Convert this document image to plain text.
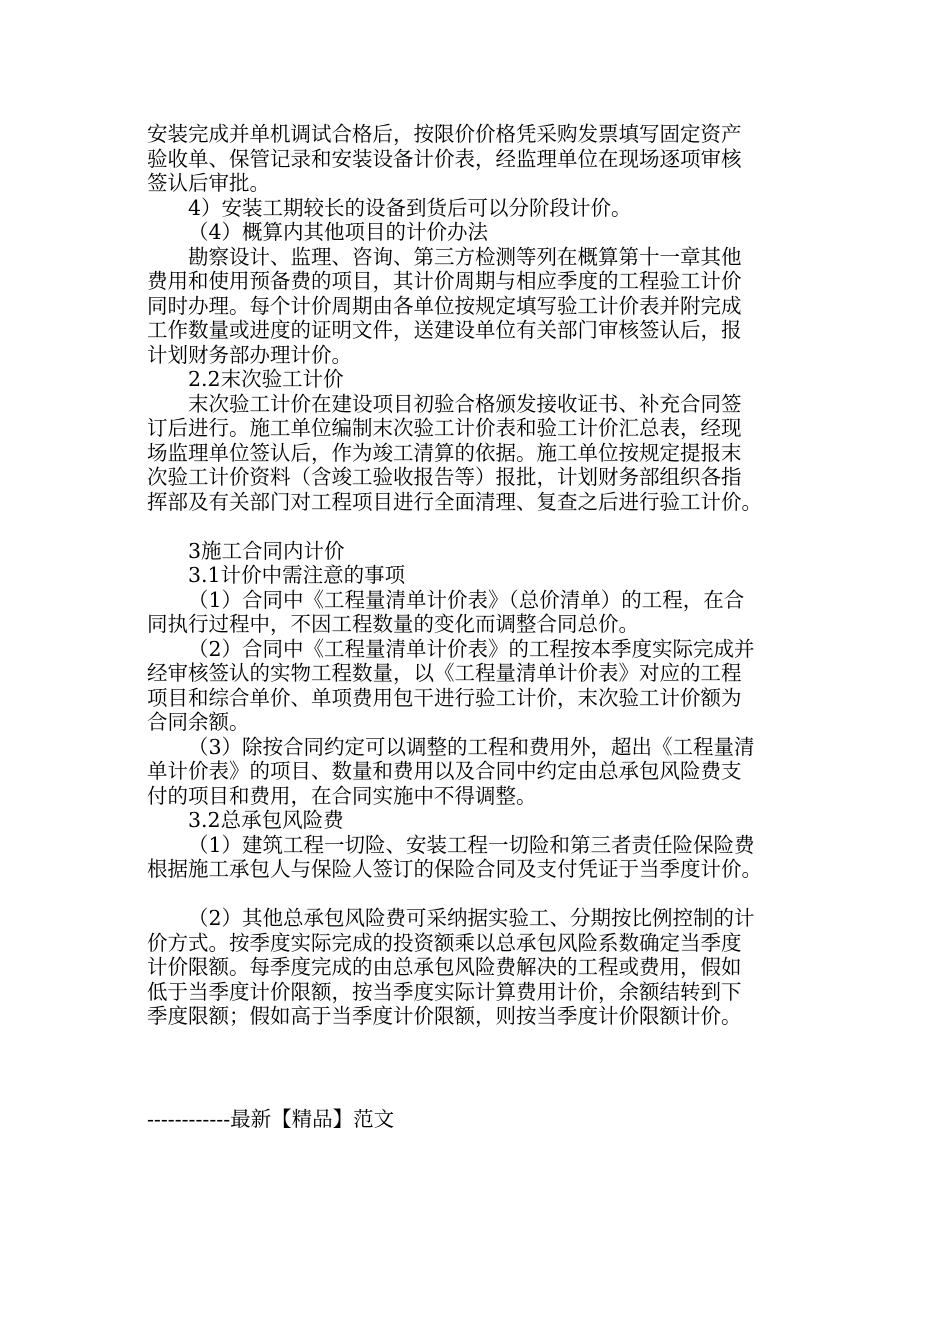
安装完成并单机调试合格后，按限价价格凭采购发票填写固定资产
验收单、保管记录和安装设备计价表，经监理单位在现场逐项审核
签认后审批。
4）安装工期较长的设备到货后可以分阶段计价。
（4）概算内其他项目的计价办法
勘察设计、监理、咨询、第三方检测等列在概算第十一章其他
费用和使用预备费的项目，其计价周期与相应季度的工程验工计价
同时办理。每个计价周期由各单位按规定填写验工计价表并附完成
工作数量或进度的证明文件，送建设单位有关部门审核签认后，报
计划财务部办理计价。
2.2末次验工计价
末次验工计价在建设项目初验合格颁发接收证书、补充合同签
订后进行。施工单位编制末次验工计价表和验工计价汇总表，经现
场监理单位签认后，作为竣工清算的依据。施工单位按规定提报末
次验工计价资料（含竣工验收报告等）报批，计划财务部组织各指
挥部及有关部门对工程项目进行全面清理、复查之后进行验工计价。
3施工合同内计价
3.1计价中需注意的事项
（1）合同中《工程量清单计价表》（总价清单）的工程，在合
同执行过程中，不因工程数量的变化而调整合同总价。
（2）合同中《工程量清单计价表》的工程按本季度实际完成并
经审核签认的实物工程数量，以《工程量清单计价表》对应的工程
项目和综合单价、单项费用包干进行验工计价，末次验工计价额为
合同余额。
（3）除按合同约定可以调整的工程和费用外，超出《工程量清
单计价表》的项目、数量和费用以及合同中约定由总承包风险费支
付的项目和费用，在合同实施中不得调整。
3.2总承包风险费
（1）建筑工程一切险、安装工程一切险和第三者责任险保险费
根据施工承包人与保险人签订的保险合同及支付凭证于当季度计价。
（2）其他总承包风险费可采纳据实验工、分期按比例控制的计
价方式。按季度实际完成的投资额乘以总承包风险系数确定当季度
计价限额。每季度完成的由总承包风险费解决的工程或费用，假如
低于当季度计价限额，按当季度实际计算费用计价，余额结转到下
季度限额；假如高于当季度计价限额，则按当季度计价限额计价。
------------最新【精品】范文
